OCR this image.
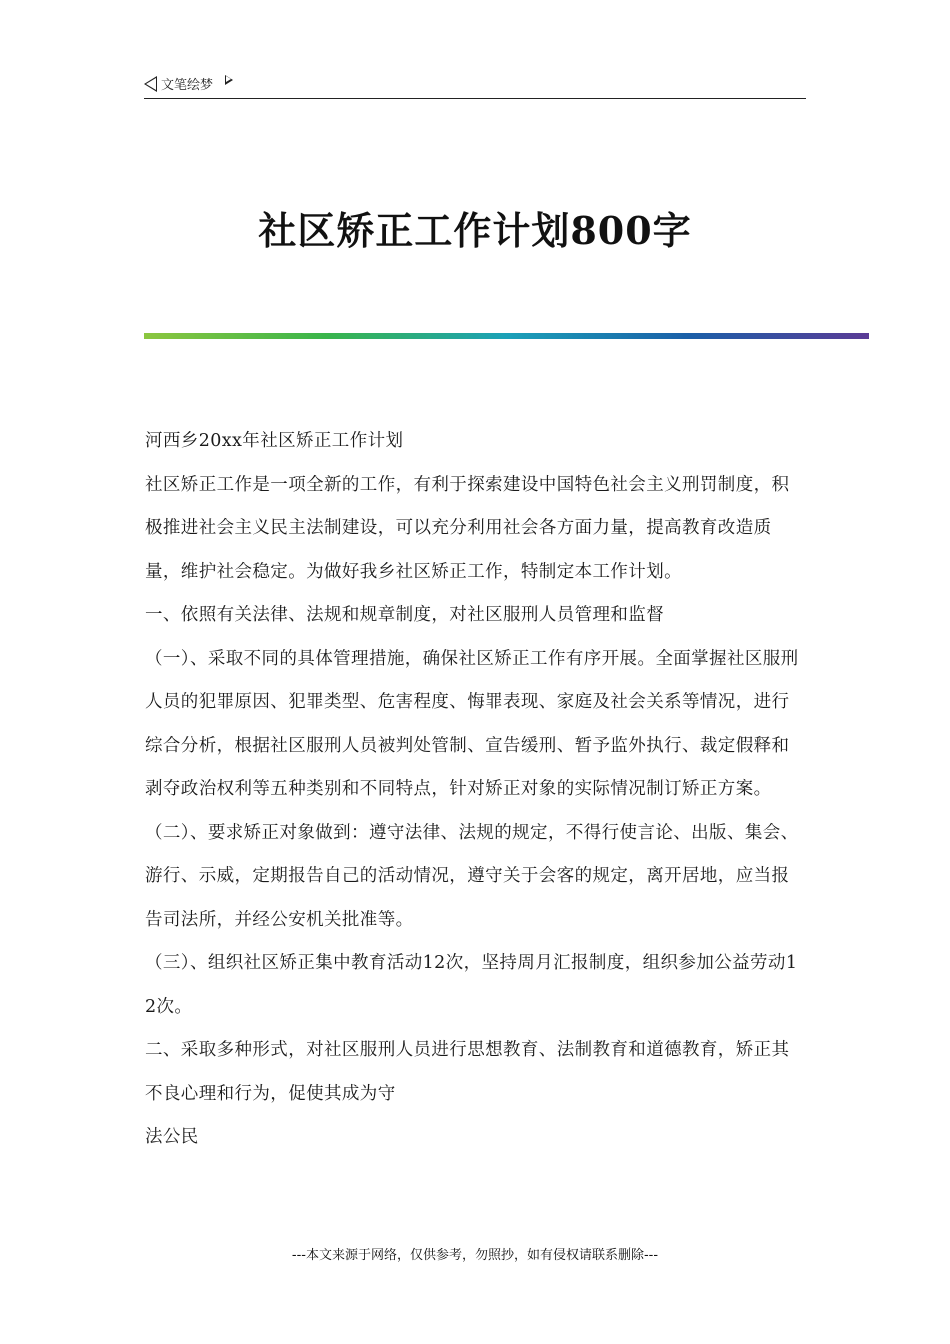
文笔绘梦
社区矫正工作计划800字

河西乡20xx年社区矫正工作计划

社区矫正工作是一项全新的工作，有利于探索建设中国特色社会主义刑罚制度，积极推进社会主义民主法制建设，可以充分利用社会各方面力量，提高教育改造质量，维护社会稳定。为做好我乡社区矫正工作，特制定本工作计划。

一、依照有关法律、法规和规章制度，对社区服刑人员管理和监督

（一）、采取不同的具体管理措施，确保社区矫正工作有序开展。全面掌握社区服刑人员的犯罪原因、犯罪类型、危害程度、悔罪表现、家庭及社会关系等情况，进行综合分析，根据社区服刑人员被判处管制、宣告缓刑、暂予监外执行、裁定假释和剥夺政治权利等五种类别和不同特点，针对矫正对象的实际情况制订矫正方案。

（二）、要求矫正对象做到：遵守法律、法规的规定，不得行使言论、出版、集会、游行、示威，定期报告自己的活动情况，遵守关于会客的规定，离开居地，应当报告司法所，并经公安机关批准等。

（三）、组织社区矫正集中教育活动12次，坚持周月汇报制度，组织参加公益劳动12次。

二、采取多种形式，对社区服刑人员进行思想教育、法制教育和道德教育，矫正其不良心理和行为，促使其成为守

法公民

---本文来源于网络，仅供参考，勿照抄，如有侵权请联系删除---
